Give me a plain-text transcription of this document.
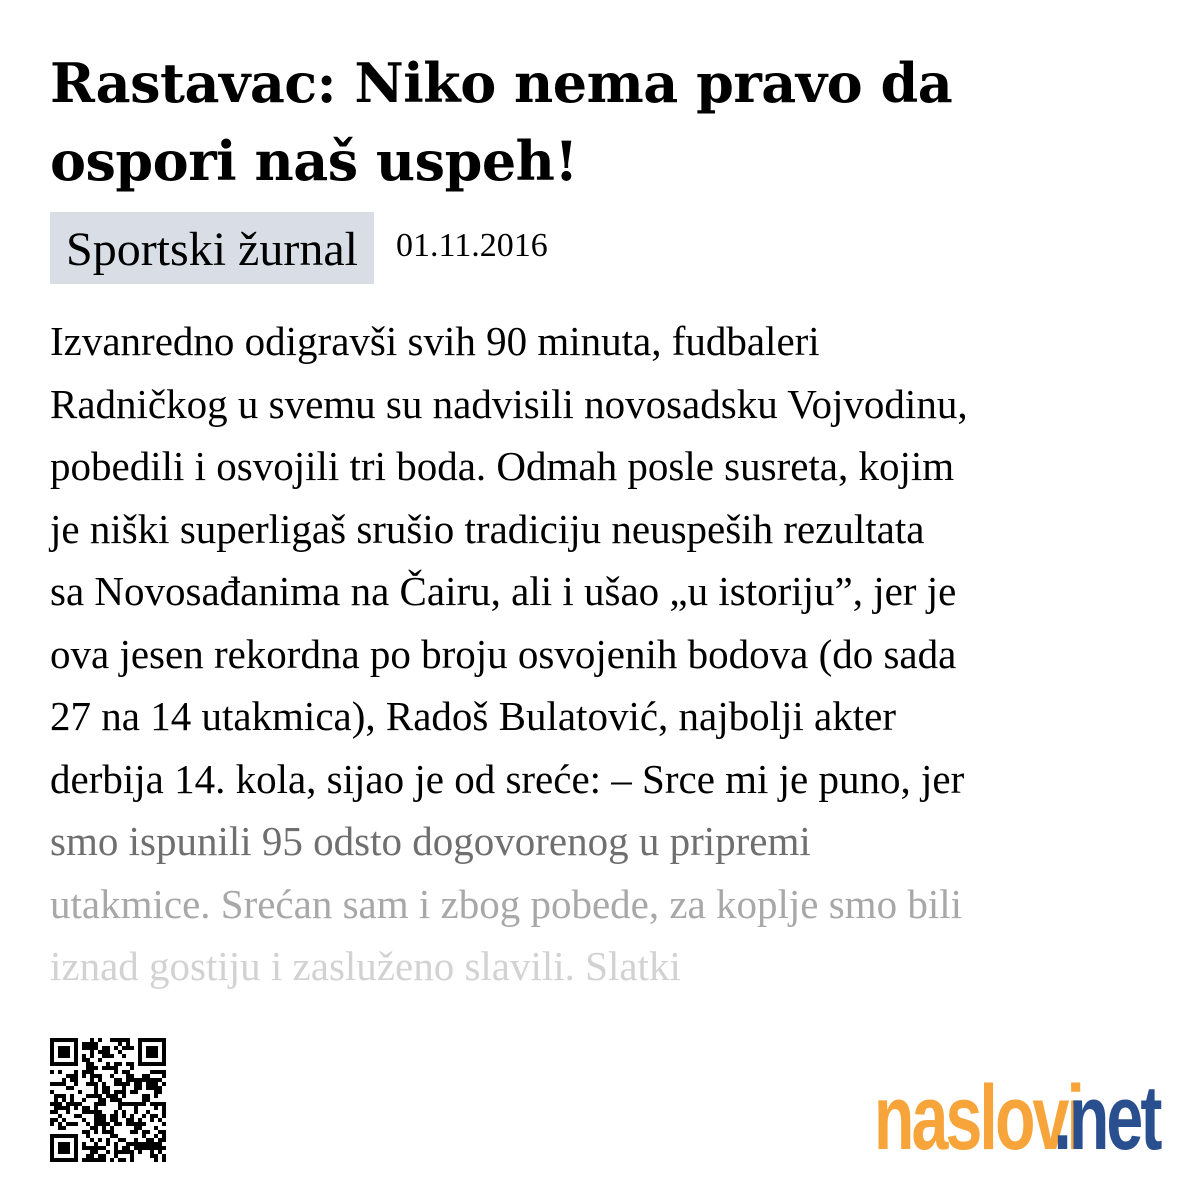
Rastavac: Niko nema pravo da
ospori naš uspeh!
Sportski žurnal	01.11.2016
Izvanredno odigravši svih 90 minuta, fudbaleri
Radničkog u svemu su nadvisili novosadsku Vojvodinu,
pobedili i osvojili tri boda. Odmah posle susreta, kojim
je niški superligaš srušio tradiciju neuspeših rezultata
sa Novosađanima na Čairu, ali i ušao „u istoriju”, jer je
ova jesen rekordna po broju osvojenih bodova (do sada
27 na 14 utakmica), Radoš Bulatović, najbolji akter
derbija 14. kola, sijao je od sreće: – Srce mi je puno, jer
smo ispunili 95 odsto dogovorenog u pripremi
utakmice. Srećan sam i zbog pobede, za koplje smo bili
iznad gostiju i zasluženo slavili. Slatki
naslovi
.net
